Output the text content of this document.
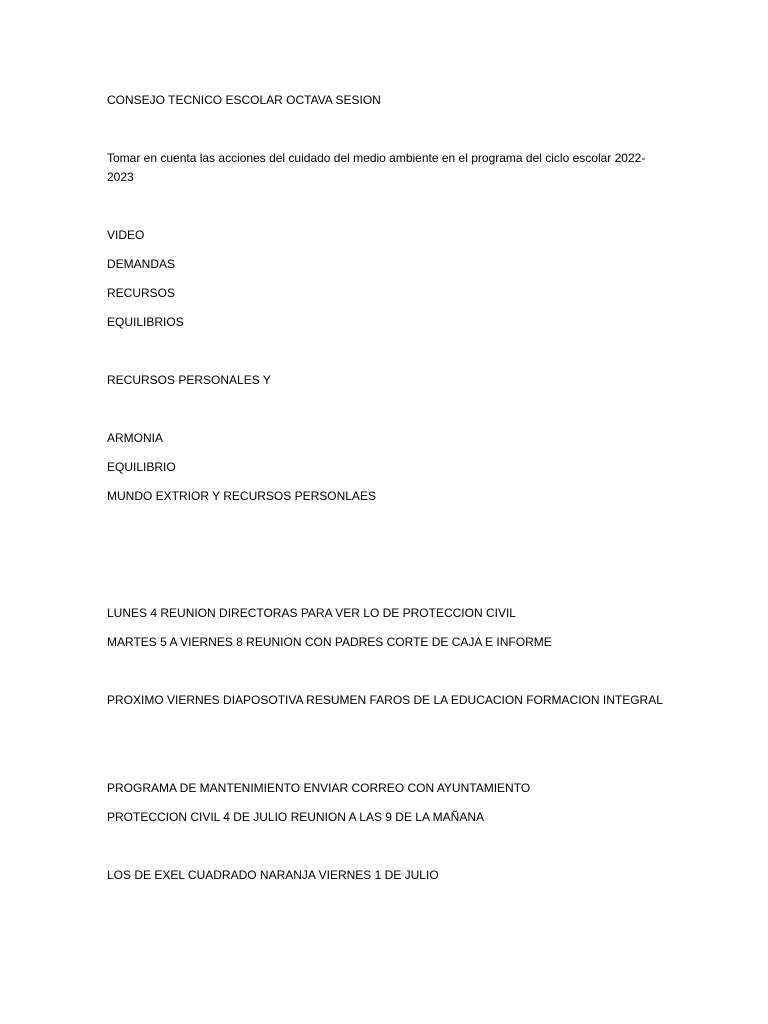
CONSEJO TECNICO ESCOLAR OCTAVA SESION
Tomar en cuenta las acciones del cuidado del medio ambiente en el programa del ciclo escolar 2022-2023
VIDEO
DEMANDAS
RECURSOS
EQUILIBRIOS
RECURSOS PERSONALES Y
ARMONIA
EQUILIBRIO
MUNDO EXTRIOR Y RECURSOS PERSONLAES
LUNES 4 REUNION DIRECTORAS PARA VER LO DE PROTECCION CIVIL
MARTES 5 A VIERNES 8 REUNION CON PADRES CORTE DE CAJA E INFORME
PROXIMO VIERNES DIAPOSOTIVA RESUMEN FAROS DE LA EDUCACION FORMACION INTEGRAL
PROGRAMA DE MANTENIMIENTO ENVIAR CORREO CON AYUNTAMIENTO
PROTECCION CIVIL 4 DE JULIO REUNION A LAS 9 DE LA MAÑANA
LOS DE EXEL CUADRADO NARANJA VIERNES 1 DE JULIO
